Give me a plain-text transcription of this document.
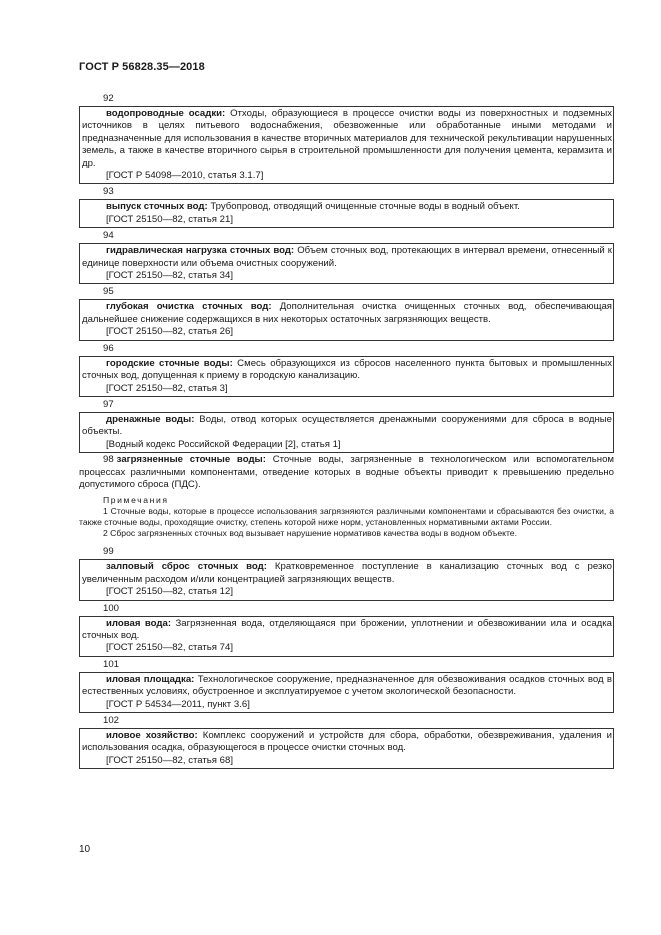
ГОСТ Р 56828.35—2018
92

водопроводные осадки: Отходы, образующиеся в процессе очистки воды из поверхностных и подземных источников в целях питьевого водоснабжения, обезвоженные или обработанные иными методами и предназначенные для использования в качестве вторичных материалов для технической рекультивации нарушенных земель, а также в качестве вторичного сырья в строительной промышленности для получения цемента, керамзита и др.

[ГОСТ Р 54098—2010, статья 3.1.7]

93

выпуск сточных вод: Трубопровод, отводящий очищенные сточные воды в водный объект.

[ГОСТ 25150—82, статья 21]

94

гидравлическая нагрузка сточных вод: Объем сточных вод, протекающих в интервал времени, отнесенный к единице поверхности или объема очистных сооружений.

[ГОСТ 25150—82, статья 34]

95

глубокая очистка сточных вод: Дополнительная очистка очищенных сточных вод, обеспечивающая дальнейшее снижение содержащихся в них некоторых остаточных загрязняющих веществ.

[ГОСТ 25150—82, статья 26]

96

городские сточные воды: Смесь образующихся из сбросов населенного пункта бытовых и промышленных сточных вод, допущенная к приему в городскую канализацию.

[ГОСТ 25150—82, статья 3]

97

дренажные воды: Воды, отвод которых осуществляется дренажными сооружениями для сброса в водные объекты.

[Водный кодекс Российской Федерации [2], статья 1]

98 загрязненные сточные воды: Сточные воды, загрязненные в технологическом или вспомогательном процессах различными компонентами, отведение которых в водные объекты приводит к превышению предельно допустимого сброса (ПДС).

Примечания

1 Сточные воды, которые в процессе использования загрязняются различными компонентами и сбрасываются без очистки, а также сточные воды, проходящие очистку, степень которой ниже норм, установленных нормативными актами России.

2 Сброс загрязненных сточных вод вызывает нарушение нормативов качества воды в водном объекте.

99

залповый сброс сточных вод: Кратковременное поступление в канализацию сточных вод с резко увеличенным расходом и/или концентрацией загрязняющих веществ.

[ГОСТ 25150—82, статья 12]

100

иловая вода: Загрязненная вода, отделяющаяся при брожении, уплотнении и обезвоживании ила и осадка сточных вод.

[ГОСТ 25150—82, статья 74]

101

иловая площадка: Технологическое сооружение, предназначенное для обезвоживания осадков сточных вод в естественных условиях, обустроенное и эксплуатируемое с учетом экологической безопасности.

[ГОСТ Р 54534—2011, пункт 3.6]

102

иловое хозяйство: Комплекс сооружений и устройств для сбора, обработки, обезвреживания, удаления и использования осадка, образующегося в процессе очистки сточных вод.

[ГОСТ 25150—82, статья 68]

10
